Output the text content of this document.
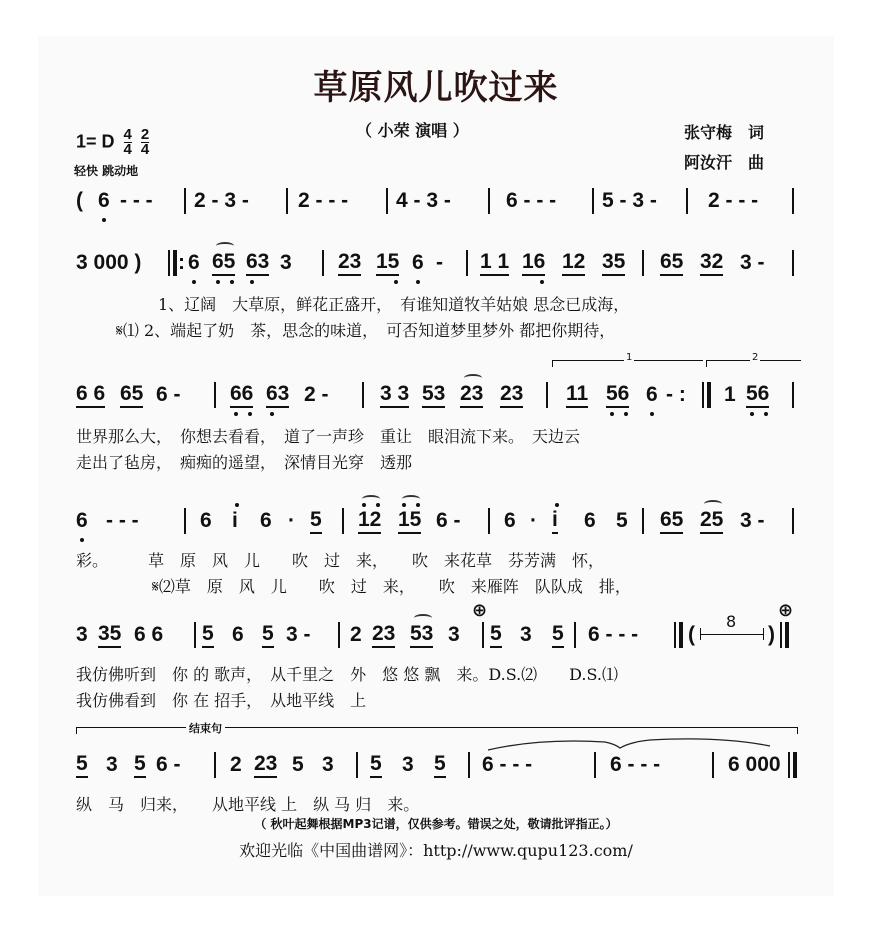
草原风儿吹过来
（ 小荣 演唱 ）	张守梅　词
阿汝汗　曲
1= D $\frac{4}{4}$
$\frac{2}{4}$
轻快 跳动地
( 6 - - - 2 - 3 - 2 - - - 4 - 3 -	6 - - - 5 - 3 - 2 - - -
3 000 ) : 6 65 63 3 23 15 6 - 1 1 16 12 35 65 32 3 -
6 6 65 6 - 66 63 2 - 3 3 53 23 23 11 56 6 - : 1 56
6 - - -	6 i 6 · 5 12 15 6 - 6 · i 6 5 65 25 3 -
3 35 6 6 5 6 5 3 - 2 23 53 3 5 3 5 6 - - - (	)
5 3 5 6 - 2 23 5 3 5 3 5 6 - - -	6 - - -	6 000
1、辽阔　大草原，鲜花正盛开，　有谁知道牧羊姑娘 思念已成海，
𝄋⑴ 2、端起了奶　茶，思念的味道，　可否知道梦里梦外 都把你期待，
世界那么大，　你想去看看，　道了一声珍　重让　眼泪流下来。　天边云
走出了毡房，　痴痴的遥望，　深情目光穿　透那
彩。　　　草　原　风　儿　　吹　过　来，　　吹　来花草　芬芳满　怀，
𝄋⑵草　原　风　儿　　吹　过　来，　　吹　来雁阵　队队成　排，
我仿佛听到　你 的 歌声，　从千里之　外　悠 悠 飘　来。D.S.⑵　　D.S.⑴
我仿佛看到　你 在 招手，　从地平线　上
纵　马　归来，　　从地平线 上　纵 马 归　来。
1	2
⊕	⊕
结束句
8
（ 秋叶起舞根据MP3记谱，仅供参考。错误之处，敬请批评指正。）
欢迎光临《中国曲谱网》：http://www.qupu123.com/
